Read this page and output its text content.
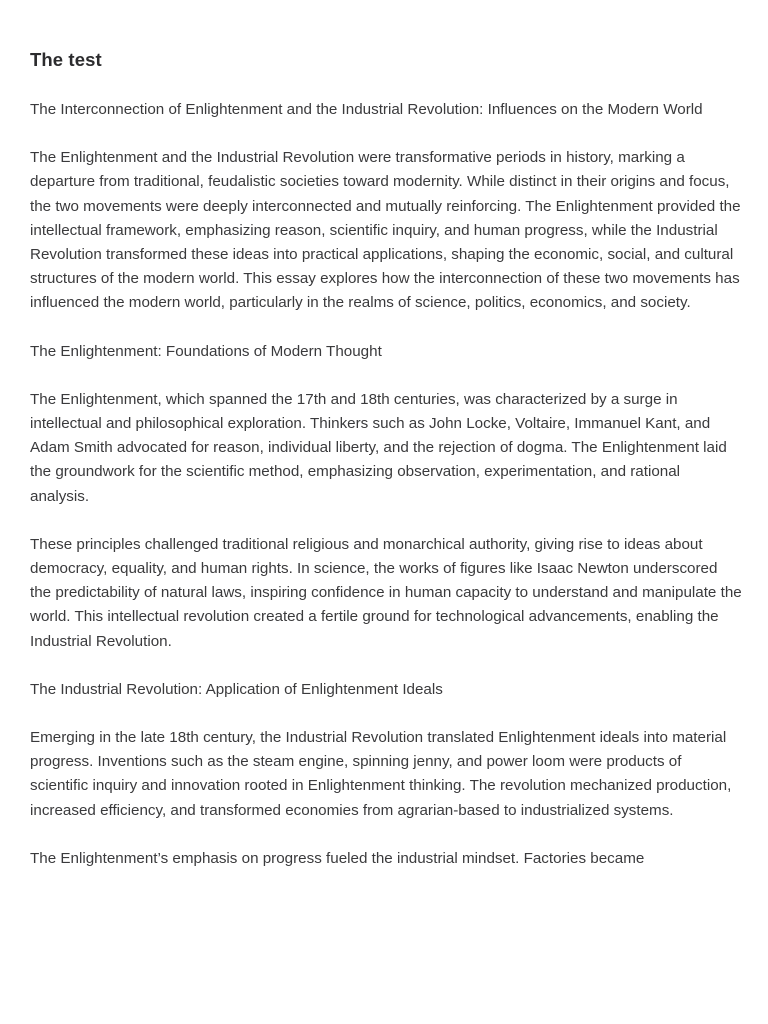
The test

The Interconnection of Enlightenment and the Industrial Revolution: Influences on the Modern World

The Enlightenment and the Industrial Revolution were transformative periods in history, marking a departure from traditional, feudalistic societies toward modernity. While distinct in their origins and focus, the two movements were deeply interconnected and mutually reinforcing. The Enlightenment provided the intellectual framework, emphasizing reason, scientific inquiry, and human progress, while the Industrial Revolution transformed these ideas into practical applications, shaping the economic, social, and cultural structures of the modern world. This essay explores how the interconnection of these two movements has influenced the modern world, particularly in the realms of science, politics, economics, and society.

The Enlightenment: Foundations of Modern Thought

The Enlightenment, which spanned the 17th and 18th centuries, was characterized by a surge in intellectual and philosophical exploration. Thinkers such as John Locke, Voltaire, Immanuel Kant, and Adam Smith advocated for reason, individual liberty, and the rejection of dogma. The Enlightenment laid the groundwork for the scientific method, emphasizing observation, experimentation, and rational analysis.

These principles challenged traditional religious and monarchical authority, giving rise to ideas about democracy, equality, and human rights. In science, the works of figures like Isaac Newton underscored the predictability of natural laws, inspiring confidence in human capacity to understand and manipulate the world. This intellectual revolution created a fertile ground for technological advancements, enabling the Industrial Revolution.

The Industrial Revolution: Application of Enlightenment Ideals

Emerging in the late 18th century, the Industrial Revolution translated Enlightenment ideals into material progress. Inventions such as the steam engine, spinning jenny, and power loom were products of scientific inquiry and innovation rooted in Enlightenment thinking. The revolution mechanized production, increased efficiency, and transformed economies from agrarian-based to industrialized systems.

The Enlightenment’s emphasis on progress fueled the industrial mindset. Factories became
